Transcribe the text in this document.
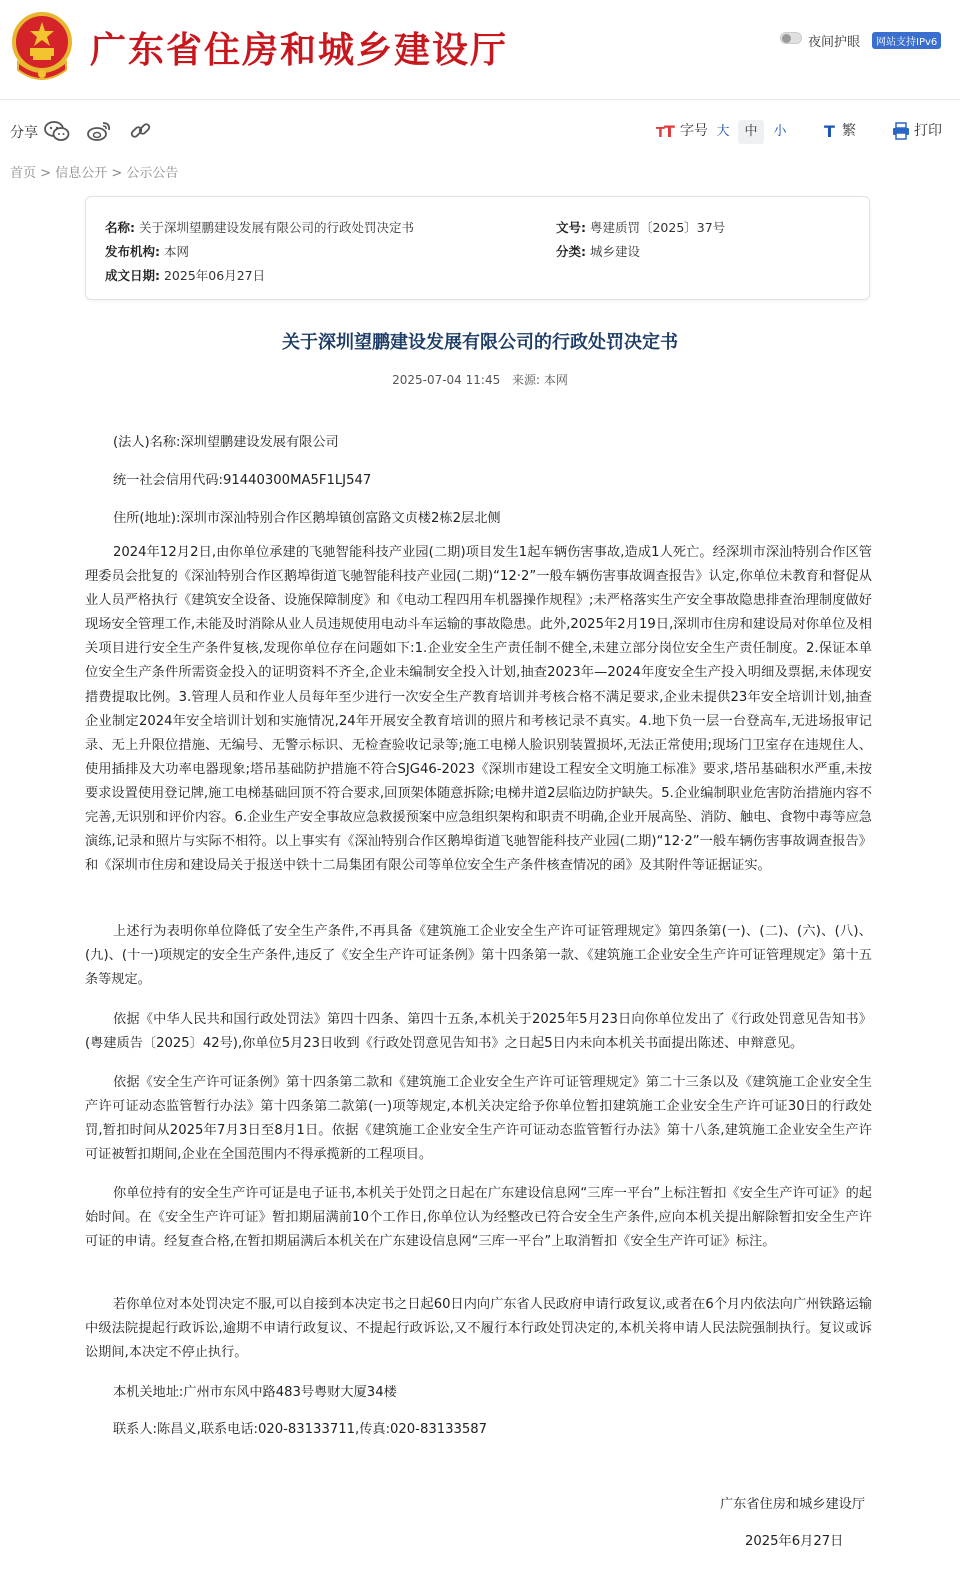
广东省住房和城乡建设厅	夜间护眼	网站支持IPv6
分享	T T 字号 大	中	小	T 繁	打印
首页 > 信息公开 > 公示公告
名称: 关于深圳望鹏建设发展有限公司的行政处罚决定书	文号: 粤建质罚〔2025〕37号
发布机构: 本网	分类: 城乡建设
成文日期: 2025年06月27日
关于深圳望鹏建设发展有限公司的行政处罚决定书
2025-07-04 11:45 来源: 本网
(法人)名称:深圳望鹏建设发展有限公司
统一社会信用代码:91440300MA5F1LJ547
住所(地址):深圳市深汕特别合作区鹅埠镇创富路文贞楼2栋2层北侧
2024年12月2日,由你单位承建的飞驰智能科技产业园(二期)项目发生1起车辆伤害事故,造成1人死亡。经深圳市深汕特别合作区管理委员会批复的《深汕特别合作区鹅埠街道飞驰智能科技产业园(二期)“12·2”一般车辆伤害事故调查报告》认定,你单位未教育和督促从业人员严格执行《建筑安全设备、设施保障制度》和《电动工程四用车机器操作规程》;未严格落实生产安全事故隐患排查治理制度做好现场安全管理工作,未能及时消除从业人员违规使用电动斗车运输的事故隐患。此外,2025年2月19日,深圳市住房和建设局对你单位及相关项目进行安全生产条件复核,发现你单位存在问题如下:1.企业安全生产责任制不健全,未建立部分岗位安全生产责任制度。2.保证本单位安全生产条件所需资金投入的证明资料不齐全,企业未编制安全投入计划,抽查2023年—2024年度安全生产投入明细及票据,未体现安措费提取比例。3.管理人员和作业人员每年至少进行一次安全生产教育培训并考核合格不满足要求,企业未提供23年安全培训计划,抽查企业制定2024年安全培训计划和实施情况,24年开展安全教育培训的照片和考核记录不真实。4.地下负一层一台登高车,无进场报审记录、无上升限位措施、无编号、无警示标识、无检查验收记录等;施工电梯人脸识别装置损坏,无法正常使用;现场门卫室存在违规住人、使用插排及大功率电器现象;塔吊基础防护措施不符合SJG46-2023《深圳市建设工程安全文明施工标准》要求,塔吊基础积水严重,未按要求设置使用登记牌,施工电梯基础回顶不符合要求,回顶架体随意拆除;电梯井道2层临边防护缺失。5.企业编制职业危害防治措施内容不完善,无识别和评价内容。6.企业生产安全事故应急救援预案中应急组织架构和职责不明确,企业开展高坠、消防、触电、食物中毒等应急演练,记录和照片与实际不相符。以上事实有《深汕特别合作区鹅埠街道飞驰智能科技产业园(二期)“12·2”一般车辆伤害事故调查报告》和《深圳市住房和建设局关于报送中铁十二局集团有限公司等单位安全生产条件核查情况的函》及其附件等证据证实。
上述行为表明你单位降低了安全生产条件,不再具备《建筑施工企业安全生产许可证管理规定》第四条第(一)、(二)、(六)、(八)、(九)、(十一)项规定的安全生产条件,违反了《安全生产许可证条例》第十四条第一款、《建筑施工企业安全生产许可证管理规定》第十五条等规定。
依据《中华人民共和国行政处罚法》第四十四条、第四十五条,本机关于2025年5月23日向你单位发出了《行政处罚意见告知书》(粤建质告〔2025〕42号),你单位5月23日收到《行政处罚意见告知书》之日起5日内未向本机关书面提出陈述、申辩意见。
依据《安全生产许可证条例》第十四条第二款和《建筑施工企业安全生产许可证管理规定》第二十三条以及《建筑施工企业安全生产许可证动态监管暂行办法》第十四条第二款第(一)项等规定,本机关决定给予你单位暂扣建筑施工企业安全生产许可证30日的行政处罚,暂扣时间从2025年7月3日至8月1日。依据《建筑施工企业安全生产许可证动态监管暂行办法》第十八条,建筑施工企业安全生产许可证被暂扣期间,企业在全国范围内不得承揽新的工程项目。
你单位持有的安全生产许可证是电子证书,本机关于处罚之日起在广东建设信息网“三库一平台”上标注暂扣《安全生产许可证》的起始时间。在《安全生产许可证》暂扣期届满前10个工作日,你单位认为经整改已符合安全生产条件,应向本机关提出解除暂扣安全生产许可证的申请。经复查合格,在暂扣期届满后本机关在广东建设信息网“三库一平台”上取消暂扣《安全生产许可证》标注。
若你单位对本处罚决定不服,可以自接到本决定书之日起60日内向广东省人民政府申请行政复议,或者在6个月内依法向广州铁路运输中级法院提起行政诉讼,逾期不申请行政复议、不提起行政诉讼,又不履行本行政处罚决定的,本机关将申请人民法院强制执行。复议或诉讼期间,本决定不停止执行。
本机关地址:广州市东风中路483号粤财大厦34楼
联系人:陈昌义,联系电话:020-83133711,传真:020-83133587
广东省住房和城乡建设厅
2025年6月27日
